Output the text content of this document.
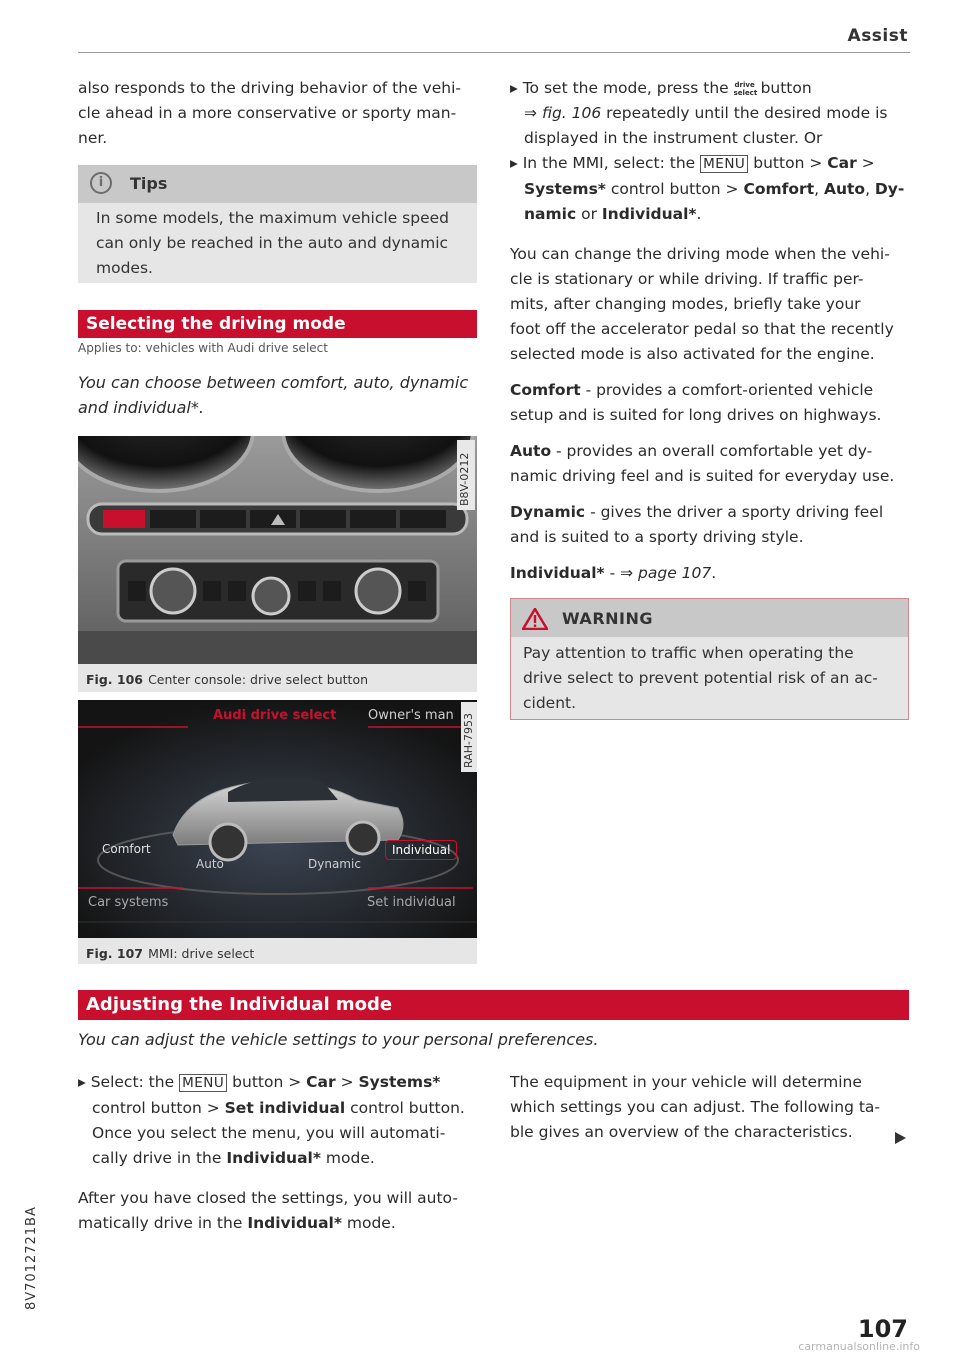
Assist

also responds to the driving behavior of the vehi-

cle ahead in a more conservative or sporty man-

ner.

i	Tips
In some models, the maximum vehicle speed
can only be reached in the auto and dynamic
modes.
Selecting the driving mode
Applies to: vehicles with Audi drive select

You can choose between comfort, auto, dynamic

and individual*.

B8V-0212
Fig. 106 Center console: drive select button
Audi drive select Owner's man
Comfort
Auto	Dynamic
Individual
Car systems	Set individual
RAH-7953
Fig. 107 MMI: drive select

▸ To set the mode, press the drive select button

⇒ fig. 106 repeatedly until the desired mode is

displayed in the instrument cluster. Or

▸ In the MMI, select: the MENU button > Car >

Systems* control button > Comfort, Auto, Dy-

namic or Individual*.

You can change the driving mode when the vehi-

cle is stationary or while driving. If traffic per-

mits, after changing modes, briefly take your

foot off the accelerator pedal so that the recently

selected mode is also activated for the engine.

Comfort - provides a comfort-oriented vehicle

setup and is suited for long drives on highways.

Auto - provides an overall comfortable yet dy-

namic driving feel and is suited for everyday use.

Dynamic - gives the driver a sporty driving feel

and is suited to a sporty driving style.

Individual* - ⇒ page 107.

WARNING
Pay attention to traffic when operating the
drive select to prevent potential risk of an ac-
cident.
Adjusting the Individual mode
You can adjust the vehicle settings to your personal preferences.

▸ Select: the MENU button > Car > Systems*

control button > Set individual control button.

Once you select the menu, you will automati-

cally drive in the Individual* mode.

After you have closed the settings, you will auto-

matically drive in the Individual* mode.

The equipment in your vehicle will determine

which settings you can adjust. The following ta-

ble gives an overview of the characteristics.

8V7012721BA
107
carmanualsonline.info
